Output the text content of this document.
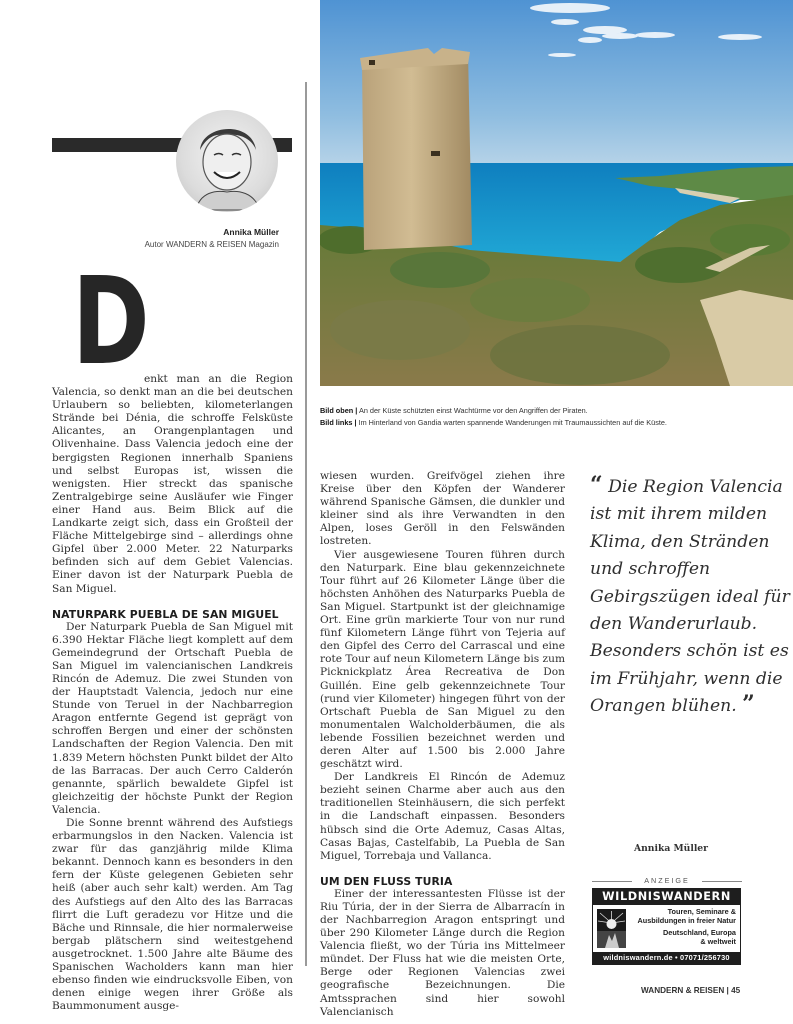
Annika Müller
Autor WANDERN & REISEN Magazin
D

enkt man an die Region Valencia, so denkt man an die bei deutschen Urlaubern so beliebten, kilometerlangen Strände bei Dénia, die schroffe Felsküste Alicantes, an Orangenplantagen und Olivenhaine. Dass Valencia jedoch eine der bergigsten Regionen innerhalb Spaniens und selbst Europas ist, wissen die wenigsten. Hier streckt das spanische Zentralgebirge seine Ausläufer wie Finger einer Hand aus. Beim Blick auf die Landkarte zeigt sich, dass ein Großteil der Fläche Mittelgebirge sind – allerdings ohne Gipfel über 2.000 Meter. 22 Naturparks befinden sich auf dem Gebiet Valencias. Einer davon ist der Naturpark Puebla de San Miguel.

NATURPARK PUEBLA DE SAN MIGUEL

Der Naturpark Puebla de San Miguel mit 6.390 Hektar Fläche liegt komplett auf dem Gemeindegrund der Ortschaft Puebla de San Miguel im valencianischen Landkreis Rincón de Ademuz. Die zwei Stunden von der Hauptstadt Valencia, jedoch nur eine Stunde von Teruel in der Nachbarregion Aragon entfernte Gegend ist geprägt von schroffen Bergen und einer der schönsten Landschaften der Region Valencia. Den mit 1.839 Metern höchsten Punkt bildet der Alto de las Barracas. Der auch Cerro Calderón genannte, spärlich bewaldete Gipfel ist gleichzeitig der höchste Punkt der Region Valencia.

Die Sonne brennt während des Aufstiegs erbarmungslos in den Nacken. Valencia ist zwar für das ganzjährig milde Klima bekannt. Dennoch kann es besonders in den fern der Küste gelegenen Gebieten sehr heiß (aber auch sehr kalt) werden. Am Tag des Aufstiegs auf den Alto des las Barracas flirrt die Luft geradezu vor Hitze und die Bäche und Rinnsale, die hier normalerweise bergab plätschern sind weitestgehend ausgetrocknet. 1.500 Jahre alte Bäume des Spanischen Wacholders kann man hier ebenso finden wie eindrucksvolle Eiben, von denen einige wegen ihrer Größe als Baummonument ausge-

Bild oben | An der Küste schützten einst Wachtürme vor den Angriffen der Piraten.
Bild links | Im Hinterland von Gandia warten spannende Wanderungen mit Traumaussichten auf die Küste.

wiesen wurden. Greifvögel ziehen ihre Kreise über den Köpfen der Wanderer während Spanische Gämsen, die dunkler und kleiner sind als ihre Verwandten in den Alpen, loses Geröll in den Felswänden lostreten.

Vier ausgewiesene Touren führen durch den Naturpark. Eine blau gekennzeichnete Tour führt auf 26 Kilometer Länge über die höchsten Anhöhen des Naturparks Puebla de San Miguel. Startpunkt ist der gleichnamige Ort. Eine grün markierte Tour von nur rund fünf Kilometern Länge führt von Tejeria auf den Gipfel des Cerro del Carrascal und eine rote Tour auf neun Kilometern Länge bis zum Picknickplatz Área Recreativa de Don Guillén. Eine gelb gekennzeichnete Tour (rund vier Kilometer) hingegen führt von der Ortschaft Puebla de San Miguel zu den monumentalen Walcholderbäumen, die als lebende Fossilien bezeichnet werden und deren Alter auf 1.500 bis 2.000 Jahre geschätzt wird.

Der Landkreis El Rincón de Ademuz bezieht seinen Charme aber auch aus den traditionellen Steinhäusern, die sich perfekt in die Landschaft einpassen. Besonders hübsch sind die Orte Ademuz, Casas Altas, Casas Bajas, Castelfabib, La Puebla de San Miguel, Torrebaja und Vallanca.

UM DEN FLUSS TURIA

Einer der interessantesten Flüsse ist der Riu Túria, der in der Sierra de Albarracín in der Nachbarregion Aragon entspringt und über 290 Kilometer Länge durch die Region Valencia fließt, wo der Túria ins Mittelmeer mündet. Der Fluss hat wie die meisten Orte, Berge oder Regionen Valencias zwei geografische Bezeichnungen. Die Amtssprachen sind hier sowohl Valencianisch

“ Die Region Valencia ist mit ihrem milden Klima, den Stränden und schroffen Gebirgszügen ideal für den Wanderurlaub. Besonders schön ist es im Frühjahr, wenn die Orangen blühen. ”
Annika Müller
ANZEIGE
WILDNISWANDERN
Touren, Seminare &
Ausbildungen in freier Natur
Deutschland, Europa
& weltweit
wildniswandern.de • 07071/256730
WANDERN & REISEN | 45
